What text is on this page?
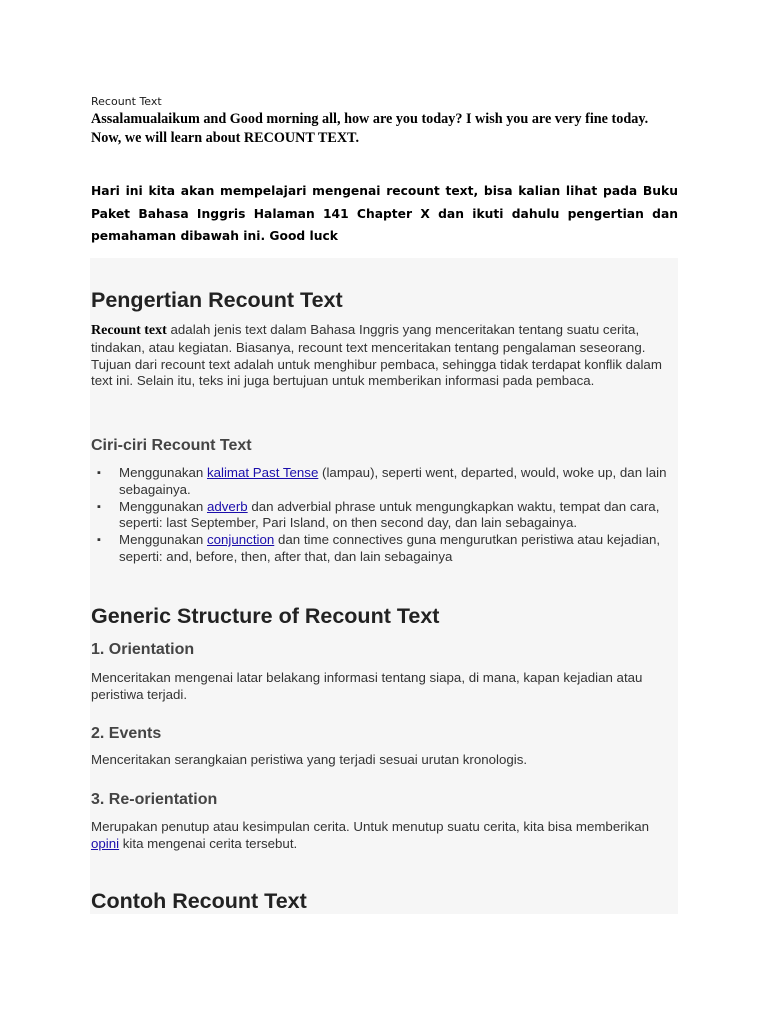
Recount Text

Assalamualaikum and Good morning all, how are you today? I wish you are very fine today. Now, we will learn about RECOUNT TEXT.

Hari ini kita akan mempelajari mengenai recount text, bisa kalian lihat pada Buku Paket Bahasa Inggris Halaman 141 Chapter X dan ikuti dahulu pengertian dan pemahaman dibawah ini. Good luck

Pengertian Recount Text

Recount text adalah jenis text dalam Bahasa Inggris yang menceritakan tentang suatu cerita, tindakan, atau kegiatan. Biasanya, recount text menceritakan tentang pengalaman seseorang. Tujuan dari recount text adalah untuk menghibur pembaca, sehingga tidak terdapat konflik dalam text ini. Selain itu, teks ini juga bertujuan untuk memberikan informasi pada pembaca.

Ciri-ciri Recount Text
▪ Menggunakan kalimat Past Tense (lampau), seperti went, departed, would, woke up, dan lain sebagainya.
▪ Menggunakan adverb dan adverbial phrase untuk mengungkapkan waktu, tempat dan cara, seperti: last September, Pari Island, on then second day, dan lain sebagainya.
▪ Menggunakan conjunction dan time connectives guna mengurutkan peristiwa atau kejadian, seperti: and, before, then, after that, dan lain sebagainya
Generic Structure of Recount Text
1. Orientation

Menceritakan mengenai latar belakang informasi tentang siapa, di mana, kapan kejadian atau peristiwa terjadi.

2. Events

Menceritakan serangkaian peristiwa yang terjadi sesuai urutan kronologis.

3. Re-orientation

Merupakan penutup atau kesimpulan cerita. Untuk menutup suatu cerita, kita bisa memberikan opini kita mengenai cerita tersebut.

Contoh Recount Text
